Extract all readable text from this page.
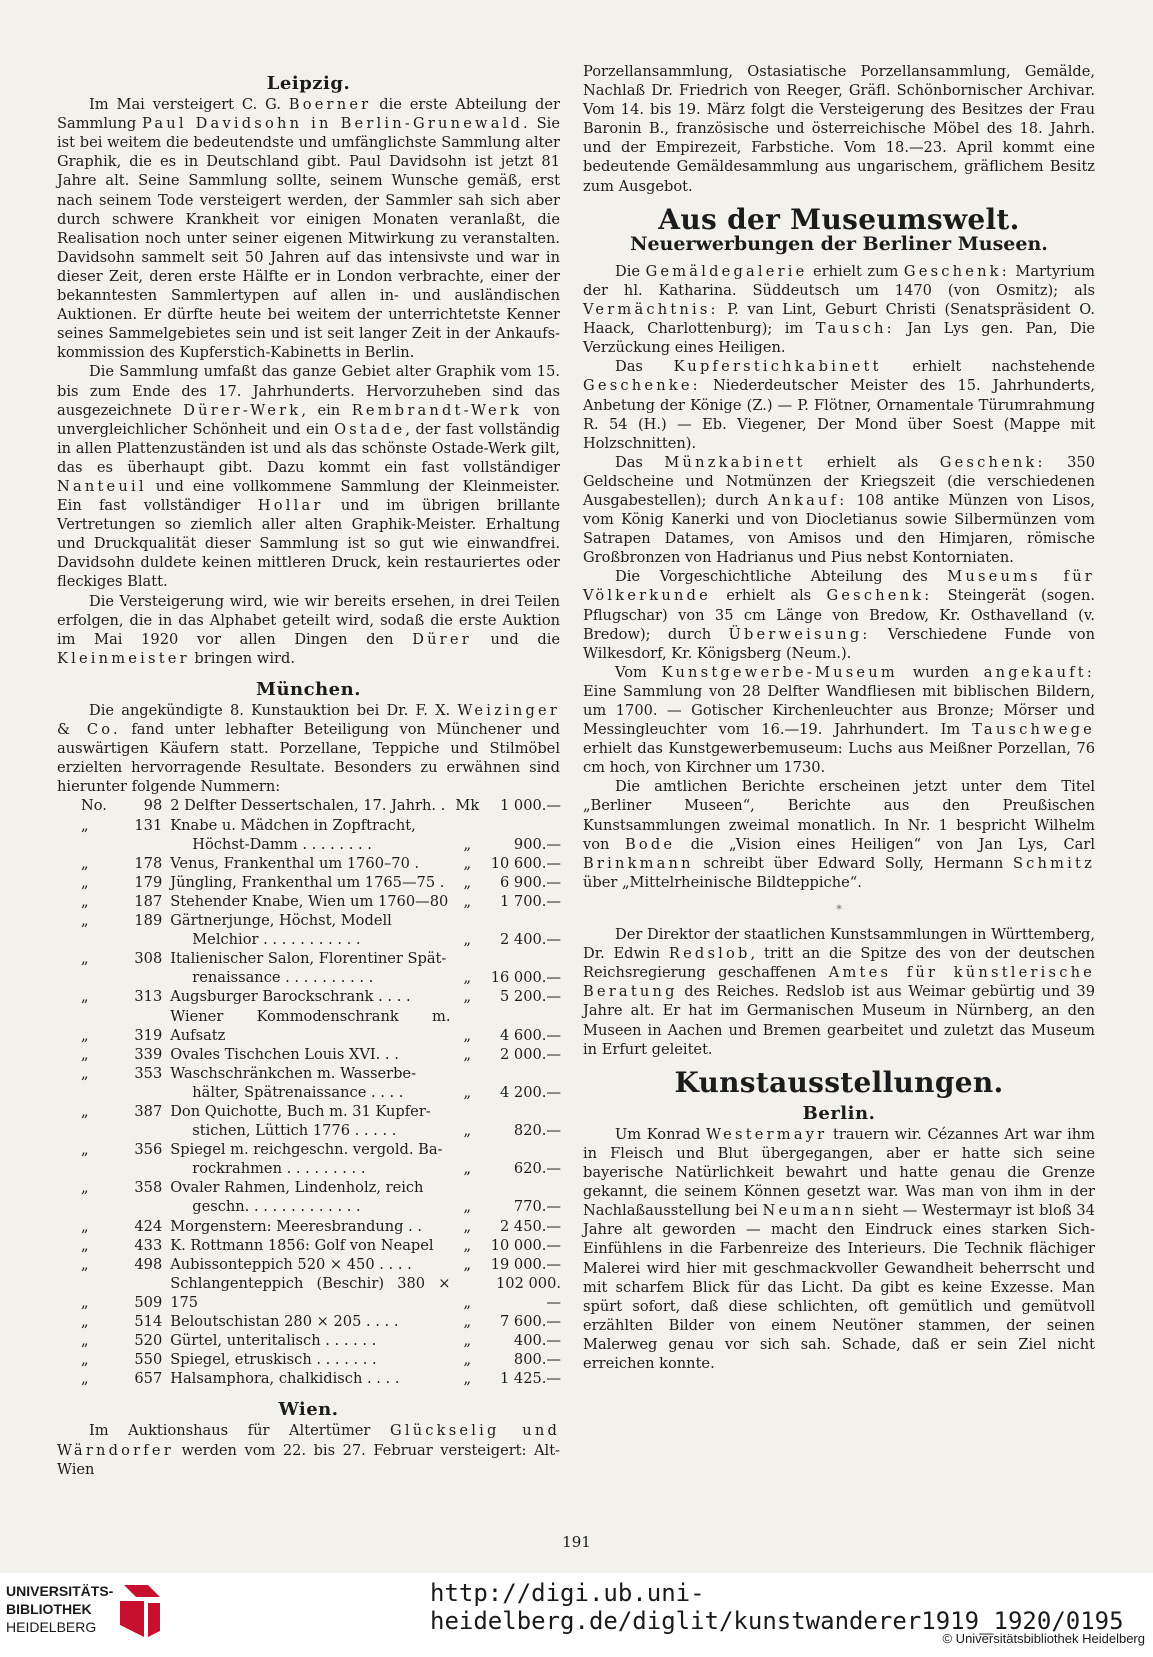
Leipzig.

Im Mai versteigert C. G. Boerner die erste Abteilung der Sammlung Paul Davidsohn in Berlin-Grunewald. Sie ist bei weitem die bedeutendste und umfänglichste Sammlung alter Graphik, die es in Deutschland gibt. Paul Davidsohn ist jetzt 81 Jahre alt. Seine Sammlung sollte, seinem Wunsche gemäß, erst nach seinem Tode versteigert werden, der Sammler sah sich aber durch schwere Krankheit vor einigen Monaten veranlaßt, die Realisation noch unter seiner eigenen Mitwirkung zu veranstalten. Davidsohn sammelt seit 50 Jahren auf das intensivste und war in dieser Zeit, deren erste Hälfte er in London verbrachte, einer der bekanntesten Sammlertypen auf allen in- und ausländischen Auktionen. Er dürfte heute bei weitem der unterrichtetste Kenner seines Sammelgebietes sein und ist seit langer Zeit in der Ankaufs-kommission des Kupferstich-Kabinetts in Berlin.

Die Sammlung umfaßt das ganze Gebiet alter Graphik vom 15. bis zum Ende des 17. Jahrhunderts. Hervorzuheben sind das ausgezeichnete Dürer-Werk, ein Rembrandt-Werk von unvergleichlicher Schönheit und ein Ostade, der fast vollständig in allen Plattenzuständen ist und als das schönste Ostade-Werk gilt, das es überhaupt gibt. Dazu kommt ein fast vollständiger Nanteuil und eine vollkommene Sammlung der Kleinmeister. Ein fast vollständiger Hollar und im übrigen brillante Vertretungen so ziemlich aller alten Graphik-Meister. Erhaltung und Druckqualität dieser Sammlung ist so gut wie einwandfrei. Davidsohn duldete keinen mittleren Druck, kein restauriertes oder fleckiges Blatt.

Die Versteigerung wird, wie wir bereits ersehen, in drei Teilen erfolgen, die in das Alphabet geteilt wird, sodaß die erste Auktion im Mai 1920 vor allen Dingen den Dürer und die Kleinmeister bringen wird.

München.

Die angekündigte 8. Kunstauktion bei Dr. F. X. Weizinger & Co. fand unter lebhafter Beteiligung von Münchener und auswärtigen Käufern statt. Porzellane, Teppiche und Stilmöbel erzielten hervorragende Resultate. Besonders zu erwähnen sind hierunter folgende Nummern:

No.	98	2 Delfter Dessertschalen, 17. Jahrh. .	Mk	1 000.—
„	131	Knabe u. Mädchen in Zopftracht,		
		Höchst-Damm . . . . . . . .	„	900.—
„	178	Venus, Frankenthal um 1760–70 .	„	10 600.—
„	179	Jüngling, Frankenthal um 1765—75 .	„	6 900.—
„	187	Stehender Knabe, Wien um 1760—80	„	1 700.—
„	189	Gärtnerjunge, Höchst, Modell		
		Melchior . . . . . . . . . . .	„	2 400.—
„	308	Italienischer Salon, Florentiner Spät-		
		renaissance . . . . . . . . . .	„	16 000.—
„	313	Augsburger Barockschrank . . . .	„	5 200.—
„	319	Wiener Kommodenschrank m. Aufsatz	„	4 600.—
„	339	Ovales Tischchen Louis XVI. . .	„	2 000.—
„	353	Waschschränkchen m. Wasserbe-		
		hälter, Spätrenaissance . . . .	„	4 200.—
„	387	Don Quichotte, Buch m. 31 Kupfer-		
		stichen, Lüttich 1776 . . . . .	„	820.—
„	356	Spiegel m. reichgeschn. vergold. Ba-		
		rockrahmen . . . . . . . . .	„	620.—
„	358	Ovaler Rahmen, Lindenholz, reich		
		geschn. . . . . . . . . . . . .	„	770.—
„	424	Morgenstern: Meeresbrandung . .	„	2 450.—
„	433	K. Rottmann 1856: Golf von Neapel	„	10 000.—
„	498	Aubissonteppich 520 × 450 . . . .	„	19 000.—
„	509	Schlangenteppich (Beschir) 380 × 175	„	102 000.—
„	514	Beloutschistan 280 × 205 . . . .	„	7 600.—
„	520	Gürtel, unteritalisch . . . . . .	„	400.—
„	550	Spiegel, etruskisch . . . . . . .	„	800.—
„	657	Halsamphora, chalkidisch . . . .	„	1 425.—
Wien.

Im Auktionshaus für Altertümer Glückselig und Wärndorfer werden vom 22. bis 27. Februar versteigert: Alt-Wien

Porzellansammlung, Ostasiatische Porzellansammlung, Gemälde, Nachlaß Dr. Friedrich von Reeger, Gräfl. Schönbornischer Archivar. Vom 14. bis 19. März folgt die Versteigerung des Besitzes der Frau Baronin B., französische und österreichische Möbel des 18. Jahrh. und der Empirezeit, Farbstiche. Vom 18.—23. April kommt eine bedeutende Gemäldesammlung aus ungarischem, gräflichem Besitz zum Ausgebot.

Aus der Museumswelt.
Neuerwerbungen der Berliner Museen.

Die Gemäldegalerie erhielt zum Geschenk: Martyrium der hl. Katharina. Süddeutsch um 1470 (von Osmitz); als Vermächtnis: P. van Lint, Geburt Christi (Senatspräsident O. Haack, Charlottenburg); im Tausch: Jan Lys gen. Pan, Die Verzückung eines Heiligen.

Das Kupferstichkabinett erhielt nachstehende Geschenke: Niederdeutscher Meister des 15. Jahrhunderts, Anbetung der Könige (Z.) — P. Flötner, Ornamentale Türumrahmung R. 54 (H.) — Eb. Viegener, Der Mond über Soest (Mappe mit Holzschnitten).

Das Münzkabinett erhielt als Geschenk: 350 Geldscheine und Notmünzen der Kriegszeit (die verschiedenen Ausgabestellen); durch Ankauf: 108 antike Münzen von Lisos, vom König Kanerki und von Diocletianus sowie Silbermünzen vom Satrapen Datames, von Amisos und den Himjaren, römische Großbronzen von Hadrianus und Pius nebst Kontorniaten.

Die Vorgeschichtliche Abteilung des Museums für Völkerkunde erhielt als Geschenk: Steingerät (sogen. Pflugschar) von 35 cm Länge von Bredow, Kr. Osthavelland (v. Bredow); durch Überweisung: Verschiedene Funde von Wilkesdorf, Kr. Königsberg (Neum.).

Vom Kunstgewerbe-Museum wurden angekauft: Eine Sammlung von 28 Delfter Wandfliesen mit biblischen Bildern, um 1700. — Gotischer Kirchenleuchter aus Bronze; Mörser und Messingleuchter vom 16.—19. Jahrhundert. Im Tauschwege erhielt das Kunstgewerbemuseum: Luchs aus Meißner Porzellan, 76 cm hoch, von Kirchner um 1730.

Die amtlichen Berichte erscheinen jetzt unter dem Titel „Berliner Museen“, Berichte aus den Preußischen Kunstsammlungen zweimal monatlich. In Nr. 1 bespricht Wilhelm von Bode die „Vision eines Heiligen“ von Jan Lys, Carl Brinkmann schreibt über Edward Solly, Hermann Schmitz über „Mittelrheinische Bildteppiche“.

*

Der Direktor der staatlichen Kunstsammlungen in Württemberg, Dr. Edwin Redslob, tritt an die Spitze des von der deutschen Reichsregierung geschaffenen Amtes für künstlerische Beratung des Reiches. Redslob ist aus Weimar gebürtig und 39 Jahre alt. Er hat im Germanischen Museum in Nürnberg, an den Museen in Aachen und Bremen gearbeitet und zuletzt das Museum in Erfurt geleitet.

Kunstausstellungen.
Berlin.

Um Konrad Westermayr trauern wir. Cézannes Art war ihm in Fleisch und Blut übergegangen, aber er hatte sich seine bayerische Natürlichkeit bewahrt und hatte genau die Grenze gekannt, die seinem Können gesetzt war. Was man von ihm in der Nachlaßausstellung bei Neumann sieht — Westermayr ist bloß 34 Jahre alt geworden — macht den Eindruck eines starken Sich-Einfühlens in die Farbenreize des Interieurs. Die Technik flächiger Malerei wird hier mit geschmackvoller Gewandheit beherrscht und mit scharfem Blick für das Licht. Da gibt es keine Exzesse. Man spürt sofort, daß diese schlichten, oft gemütlich und gemütvoll erzählten Bilder von einem Neutöner stammen, der seinen Malerweg genau vor sich sah. Schade, daß er sein Ziel nicht erreichen konnte.

191
UNIVERSITÄTS-
BIBLIOTHEK
HEIDELBERG
http://digi.ub.uni-heidelberg.de/diglit/kunstwanderer1919_1920/0195
© Universitätsbibliothek Heidelberg
